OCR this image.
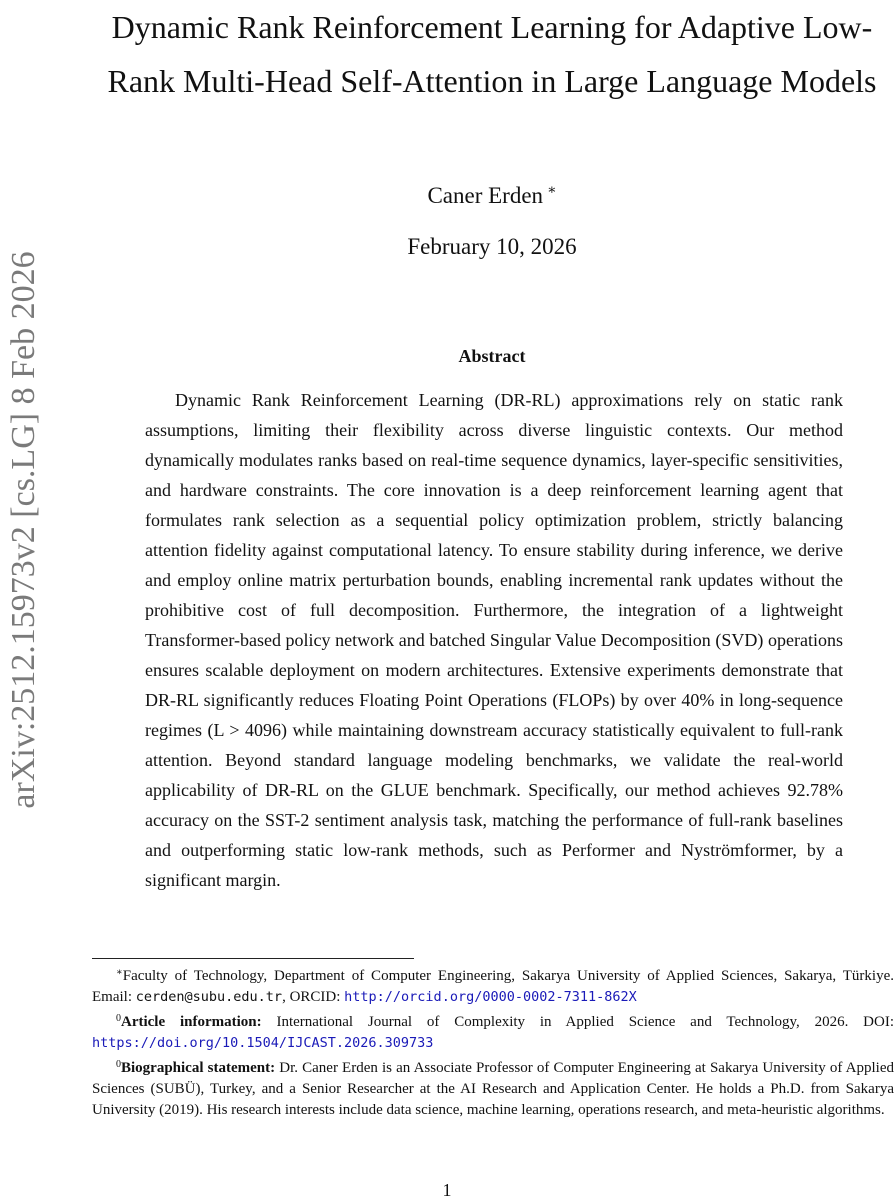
arXiv:2512.15973v2 [cs.LG] 8 Feb 2026
Dynamic Rank Reinforcement Learning for Adaptive Low-Rank Multi-Head Self-Attention in Large Language Models
Caner Erden ∗
February 10, 2026
Abstract

Dynamic Rank Reinforcement Learning (DR-RL) approximations rely on static rank assumptions, limiting their flexibility across diverse linguistic contexts. Our method dynamically modulates ranks based on real-time sequence dynamics, layer-specific sensitivities, and hardware constraints. The core innovation is a deep reinforcement learning agent that formulates rank selection as a sequential policy optimization problem, strictly balancing attention fidelity against computational latency. To ensure stability during inference, we derive and employ online matrix perturbation bounds, enabling incremental rank updates without the prohibitive cost of full decomposition. Furthermore, the integration of a lightweight Transformer-based policy network and batched Singular Value Decomposition (SVD) operations ensures scalable deployment on modern architectures. Extensive experiments demonstrate that DR-RL significantly reduces Floating Point Operations (FLOPs) by over 40% in long-sequence regimes (L > 4096) while maintaining downstream accuracy statistically equivalent to full-rank attention. Beyond standard language modeling benchmarks, we validate the real-world applicability of DR-RL on the GLUE benchmark. Specifically, our method achieves 92.78% accuracy on the SST-2 sentiment analysis task, matching the performance of full-rank baselines and outperforming static low-rank methods, such as Performer and Nyströmformer, by a significant margin.

∗Faculty of Technology, Department of Computer Engineering, Sakarya University of Applied Sciences, Sakarya, Türkiye. Email: cerden@subu.edu.tr, ORCID: http://orcid.org/0000-0002-7311-862X

$^0$Article information: International Journal of Complexity in Applied Science and Technology, 2026. DOI: https://doi.org/10.1504/IJCAST.2026.309733

$^0$Biographical statement: Dr. Caner Erden is an Associate Professor of Computer Engineering at Sakarya University of Applied Sciences (SUBÜ), Turkey, and a Senior Researcher at the AI Research and Application Center. He holds a Ph.D. from Sakarya University (2019). His research interests include data science, machine learning, operations research, and meta-heuristic algorithms.

1
